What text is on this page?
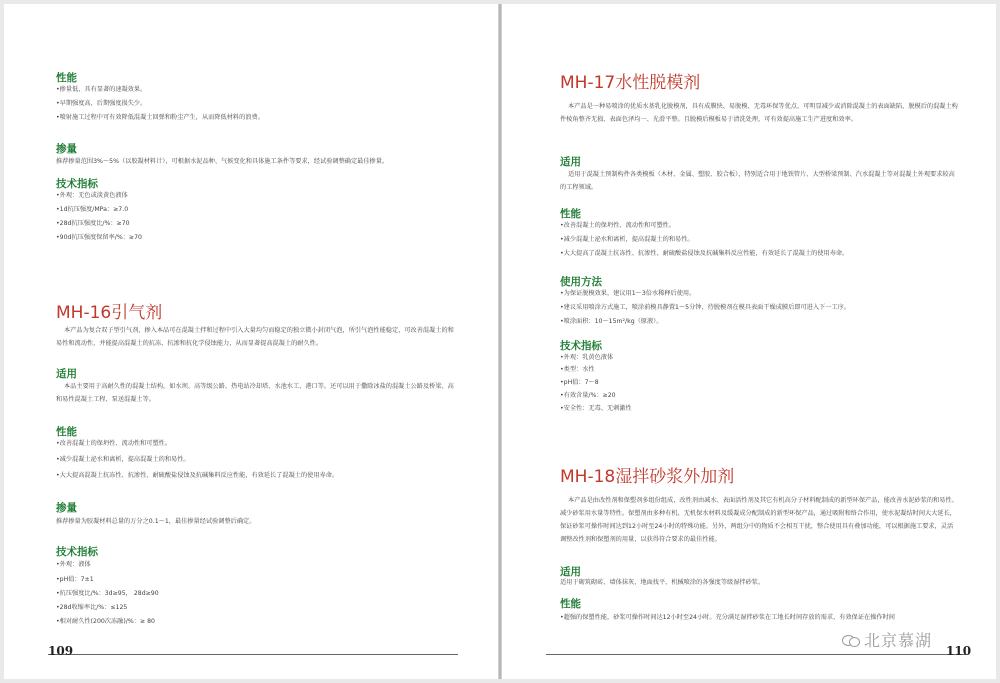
性能
•掺量低，具有显著的速凝效果。
•早期强度高，后期强度损失少。
•喷射施工过程中可有效降低混凝土回弹和粉尘产生，从而降低材料的浪费。
掺量
推荐掺量范围3%～5%（以胶凝材料计），可根据水泥品种、气候变化和具体施工条件等要求，经试验调整确定最佳掺量。
技术指标
•外观：无色或淡黄色液体
•1d抗压强度/MPa：≥7.0
•28d抗压强度比/%：≥70
•90d抗压强度保留率/%：≥70
MH-16引气剂
本产品为复合双子型引气剂，掺入本品可在混凝土拌和过程中引入大量均匀而稳定的独立微小封闭气泡，所引气泡性能稳定，可改善混凝土的和易性和流动性，并能提高混凝土的抗冻、抗渗和抗化学侵蚀能力，从而显著提高混凝土的耐久性。
适用
本品主要用于高耐久性的混凝土结构，如水坝、高等级公路、热电站冷却塔、水池水工、港口等。还可以用于撒除冰盐的混凝土公路及桥梁、高和易性混凝土工程、泵送混凝土等。
性能
•改善混凝土的保坍性、流动性和可塑性。
•减少混凝土泌水和离析，提高混凝土的和易性。
•大大提高混凝土抗冻性、抗渗性、耐硫酸盐侵蚀及抗碱集料反应性能，有效延长了混凝土的使用寿命。
掺量
推荐掺量为胶凝材料总量的万分之0.1～1，最佳掺量经试验调整后确定。
技术指标
•外观：液体
•pH值：7±1
•抗压强度比/%：3d≥95， 28d≥90
•28d收缩率比/%：≤125
•相对耐久性(200次冻融)/%：≥ 80
109
MH-17水性脱模剂
本产品是一种易喷涂的优质水基乳化脱模剂，具有成膜快、易脱模、无毒环保等优点，可明显减少或消除混凝土的表面缺陷，脱模后的混凝土构件棱角整齐无损、表面色泽均一、光滑平整。且脱模后模板易于清洗处理，可有效提高施工生产进度和效率。
适用
适用于混凝土预制构件各类模板（木材、金属、塑胶、胶合板），特别适合用于地铁管片、大型桥梁预制、汽水混凝土等对混凝土外观要求较高的工程领域。
性能
•改善混凝土的保坍性、流动性和可塑性。
•减少混凝土泌水和离析，提高混凝土的和易性。
•大大提高了混凝土抗冻性、抗渗性、耐硫酸盐侵蚀及抗碱集料反应性能，有效延长了混凝土的使用寿命。
使用方法
•为保证脱模效果，建议用1～3倍水稀释后使用。
•建议采用喷涂方式施工，喷涂前模具静置1～5分钟，待脱模剂在模具表面干燥成膜后即可进入下一工序。
•喷涂面积：10～15m²/kg（原液）。
技术指标
•外观：乳黄色液体
•类型：水性
•pH值：7～8
•有效含量/%：≥20
•安全性：无毒、无刺激性
MH-18湿拌砂浆外加剂
本产品是由改性剂和保塑剂多组份组成，改性剂由减水、表面活性剂及其它有机高分子材料配制成的新型环保产品，能改善水泥砂浆的和易性、减少砂浆用水量等特性。保塑剂由多种有机、无机保水材料及缓凝成分配制成的新型环保产品，通过吸附和络合作用，使水泥凝结时间大大延长，保证砂浆可操作时间达到12小时至24小时的特殊功能。另外，两组分中的物质不会相互干扰，整合使用具有叠加功能，可以根据施工要求，灵活调整改性剂和保塑剂的用量，以获得符合要求的最佳性能。
适用
适用于砌筑砌砖、墙体抹灰、地面找平、机械喷涂的各强度等级湿拌砂浆。
性能
•超强的保塑性能，砂浆可操作时间达12小时至24小时。充分满足湿拌砂浆在工地长时间存放的需求，有效保证在操作时间
110
北京慕湖
